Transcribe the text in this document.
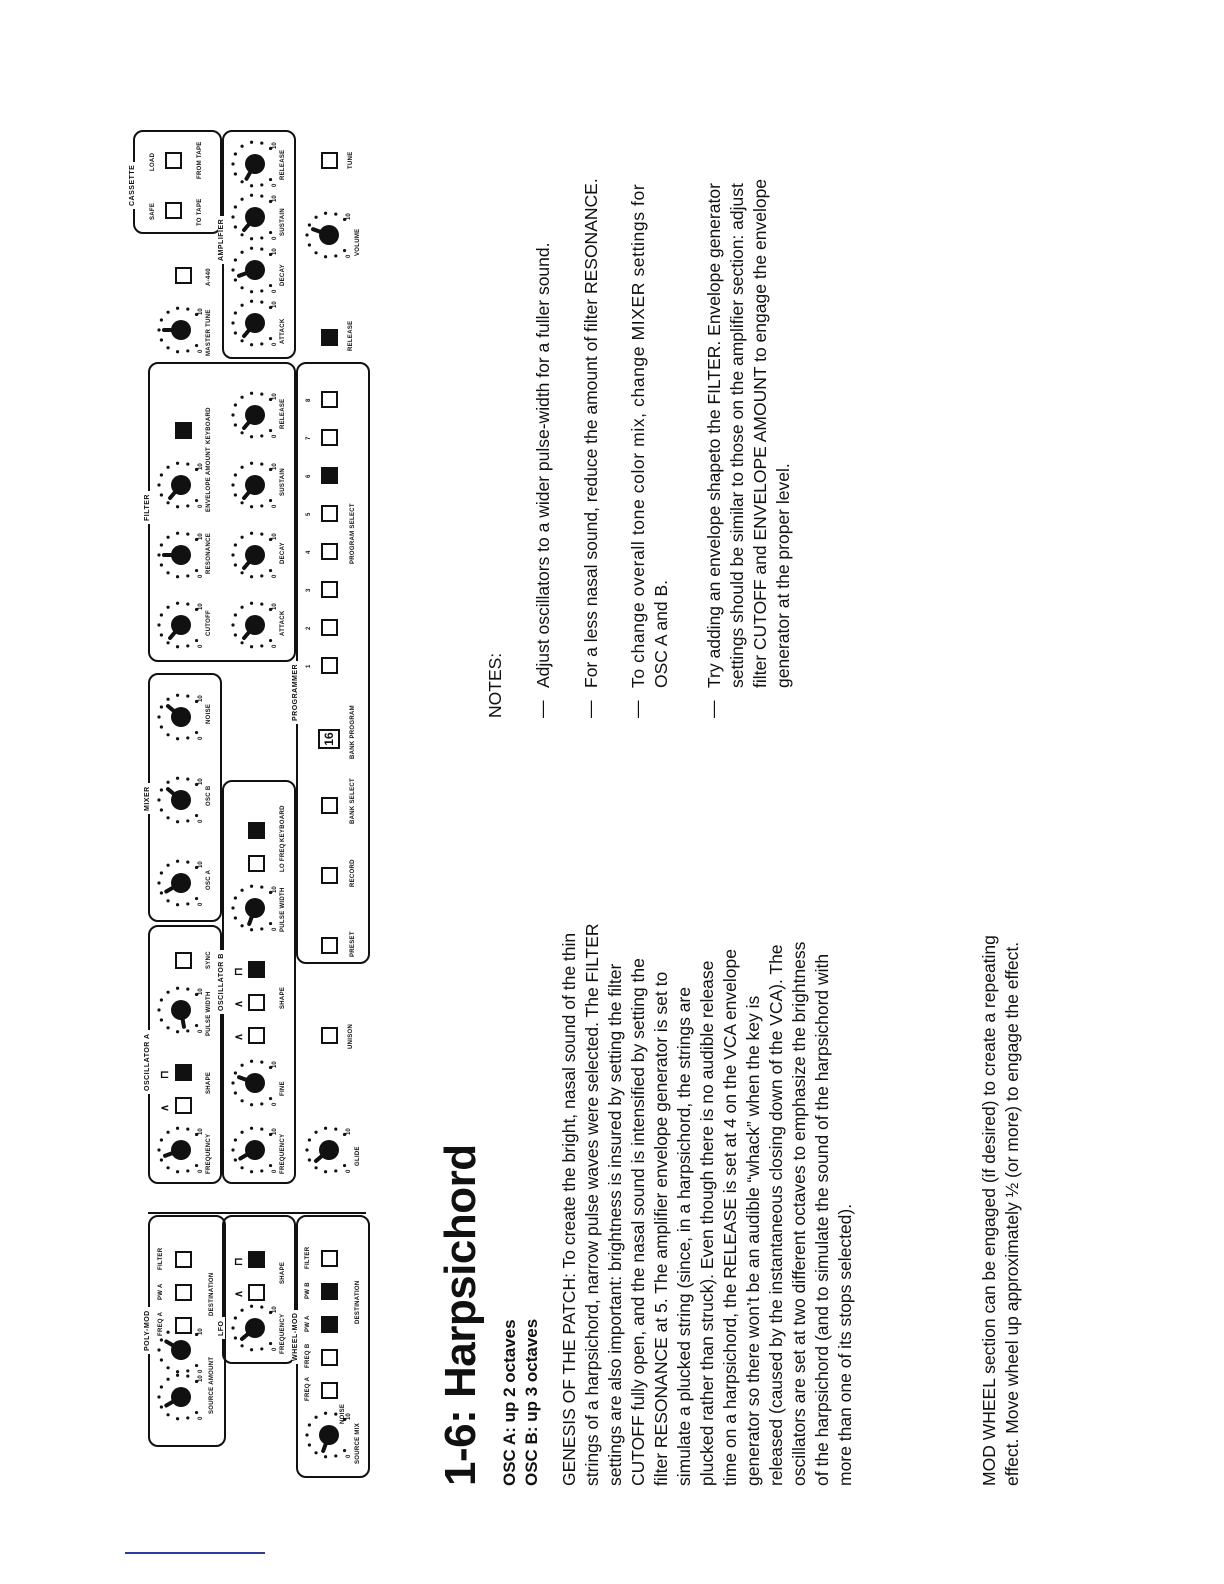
POLY-MOD
0
10
0
10
SOURCE AMOUNT
FREQ A
PW A
FILTER
DESTINATION
LFO
0
10
FREQUENCY
∧
⊓
SHAPE
WHEEL-MOD
0
10
SOURCE MIX
NOISE
FREQ A
FREQ B
PW A
PW B
FILTER
DESTINATION
OSCILLATOR A
0
10
FREQUENCY
∧
⊓	SHAPE
0
10 PULSE WIDTH
SYNC OSCILLATOR B
0
10
FREQUENCY
0
10
FINE
∧
∧
⊓
SHAPE
0
10 PULSE WIDTH
LO FREQ
KEYBOARD
0
10
GLIDE
UNISON
MIXER
0
10
0
10
0
10
OSC A
OSC B
NOISE	PROGRAMMER
PRESET
RECORD
BANK SELECT
16	BANK PROGRAM
1
2
3
4
5
6
7
8
PROGRAM SELECT
FILTER
0
10
0
10
0
10
CUTOFF
RESONANCE
ENVELOPE AMOUNT
KEYBOARD
0
10
0
10
0
10
0
10
ATTACK
DECAY
SUSTAIN
RELEASE
0
10 MASTER TUNE
A-440
CASSETTE
SAFE
LOAD
TO TAPE
FROM TAPE
AMPLIFIER
0
10
0
10
0
10
0
10
ATTACK
DECAY
SUSTAIN
RELEASE
RELEASE
0
10
VOLUME
TUNE
1-6: Harpsichord OSC A: up 2 octaves OSC B: up 3 octaves GENESIS OF THE PATCH: To create the bright, nasal sound of the thin strings of a harpsichord, narrow pulse waves were selected. The FILTER settings are also important: brightness is insured by setting the filter CUTOFF fully open, and the nasal sound is intensified by setting the filter RESONANCE at 5. The amplifier envelope generator is set to simulate a plucked string (since, in a harpsichord, the strings are plucked rather than struck). Even though there is no audible release time on a harpsichord, the RELEASE is set at 4 on the VCA envelope generator so there won’t be an audible “whack” when the key is released (caused by the instantaneous closing down of the VCA). The oscillators are set at two different octaves to emphasize the brightness of the harpsichord (and to simulate the sound of the harpsichord with more than one of its stops selected).	MOD WHEEL section can be engaged (if desired) to create a repeating effect. Move wheel up approximately ½ (or more) to engage the effect.
NOTES: —
Adjust oscillators to a wider pulse-width for a fuller sound.
—
For a less nasal sound, reduce the amount of filter RESONANCE.
—
To change overall tone color mix, change MIXER settings for OSC A and B.
—
Try adding an envelope shapeto the FILTER. Envelope generator settings should be similar to those on the amplifier section: adjust filter CUTOFF and ENVELOPE AMOUNT to engage the envelope generator at the proper level.
